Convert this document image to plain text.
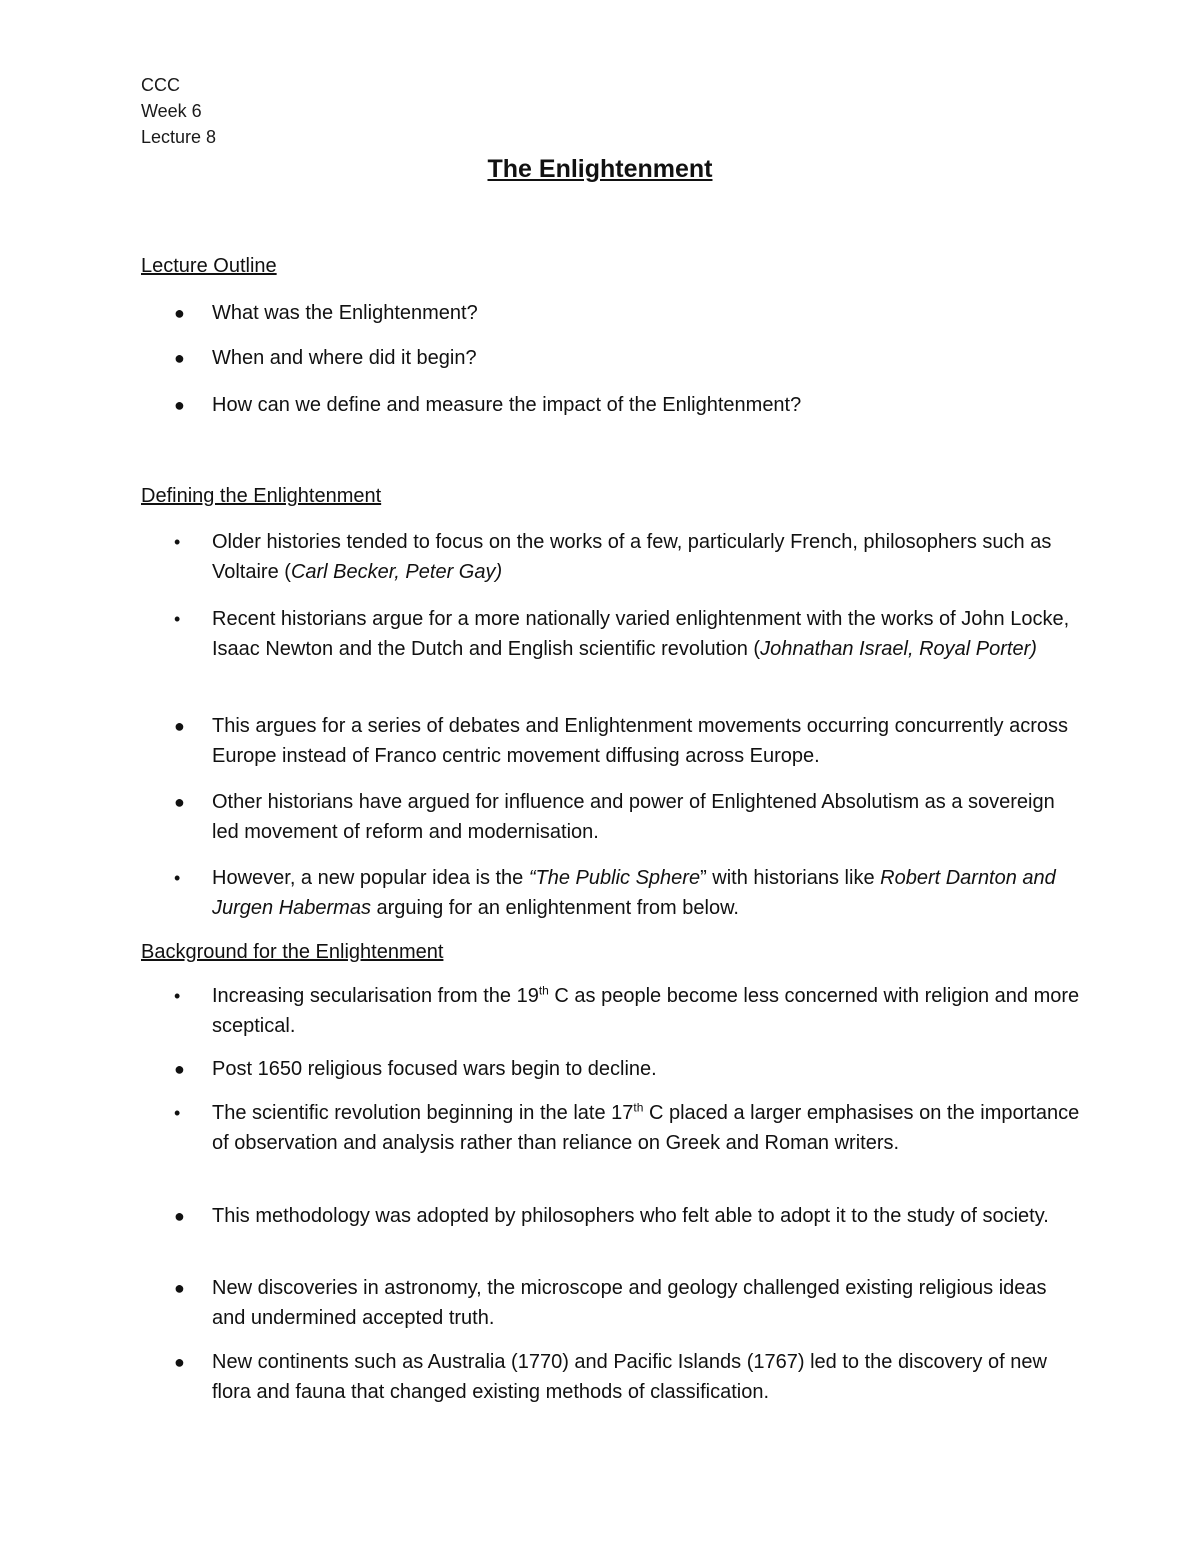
CCC
Week 6
Lecture 8
The Enlightenment
Lecture Outline
●	What was the Enlightenment?
●	When and where did it begin?
●	How can we define and measure the impact of the Enlightenment?
Defining the Enlightenment
•	Older histories tended to focus on the works of a few, particularly French, philosophers such as Voltaire (Carl Becker, Peter Gay)
•	Recent historians argue for a more nationally varied enlightenment with the works of John Locke, Isaac Newton and the Dutch and English scientific revolution (Johnathan Israel, Royal Porter)
●	This argues for a series of debates and Enlightenment movements occurring concurrently across Europe instead of Franco centric movement diffusing across Europe.
●	Other historians have argued for influence and power of Enlightened Absolutism as a sovereign led movement of reform and modernisation.
•	However, a new popular idea is the “The Public Sphere” with historians like Robert Darnton and Jurgen Habermas arguing for an enlightenment from below.
Background for the Enlightenment
•	Increasing secularisation from the 19th C as people become less concerned with religion and more sceptical.
●	Post 1650 religious focused wars begin to decline.
•	The scientific revolution beginning in the late 17th C placed a larger emphasises on the importance of observation and analysis rather than reliance on Greek and Roman writers.
●	This methodology was adopted by philosophers who felt able to adopt it to the study of society.
●	New discoveries in astronomy, the microscope and geology challenged existing religious ideas and undermined accepted truth.
●	New continents such as Australia (1770) and Pacific Islands (1767) led to the discovery of new flora and fauna that changed existing methods of classification.
